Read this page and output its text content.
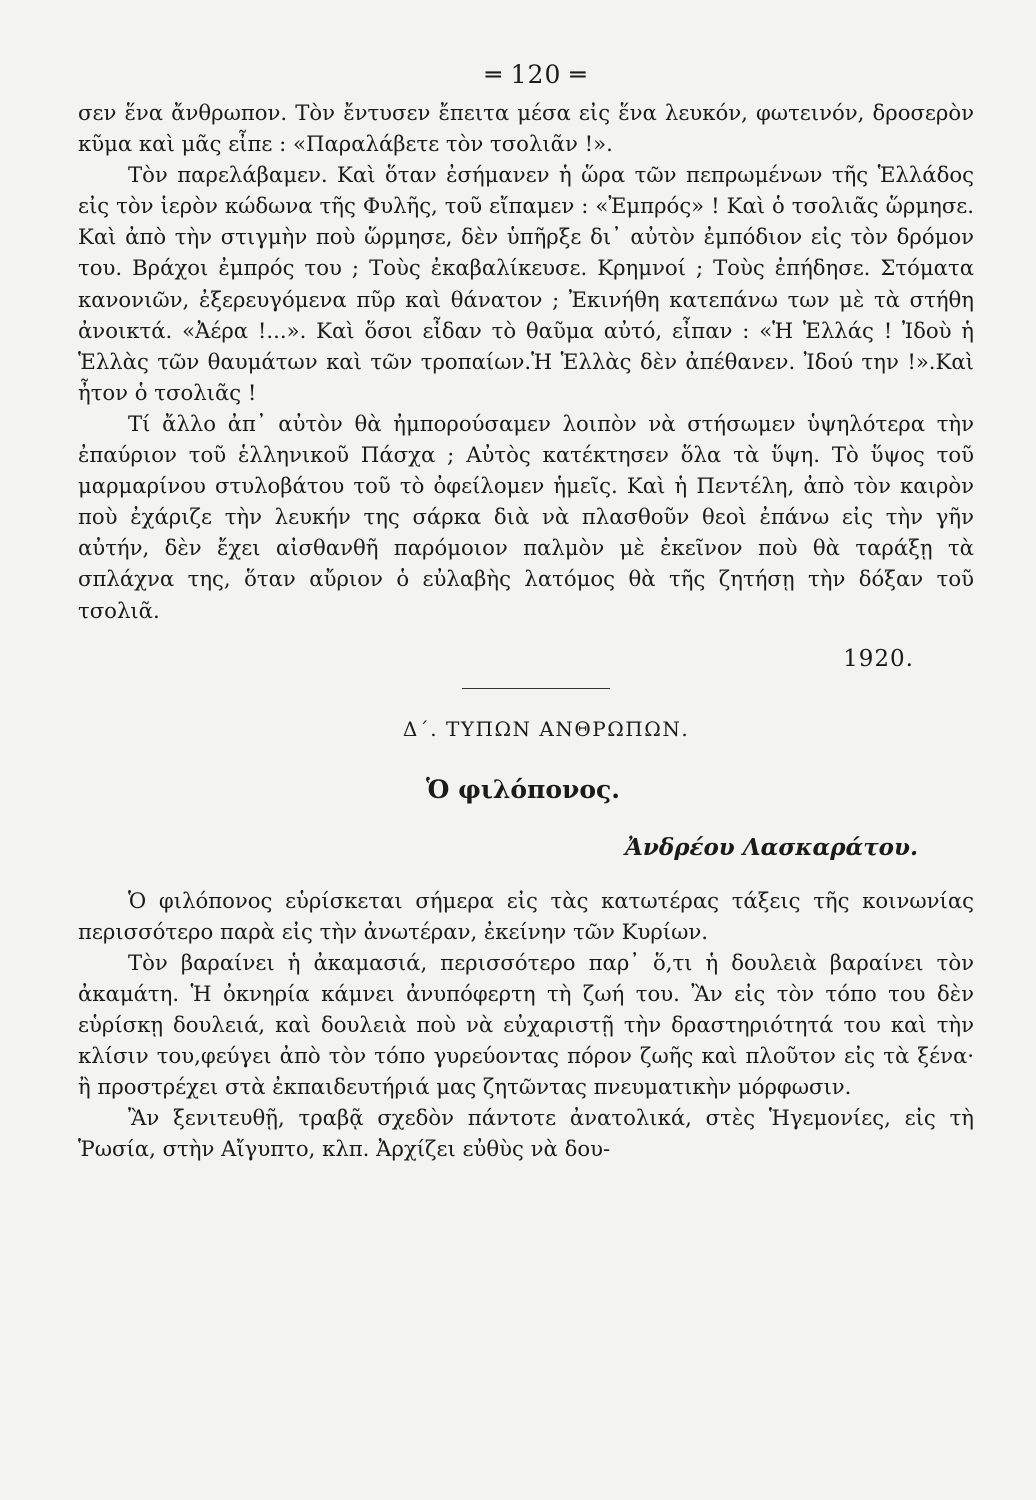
═ 120 ═

σεν ἕνα ἄνθρωπον. Τὸν ἔντυσεν ἔπειτα μέσα εἰς ἕνα λευκόν, φωτεινόν, δροσερὸν κῦμα καὶ μᾶς εἶπε : «Παραλάβετε τὸν τσολιᾶν !».

Τὸν παρελάβαμεν. Καὶ ὅταν ἐσήμανεν ἡ ὥρα τῶν πεπρωμένων τῆς Ἑλλάδος εἰς τὸν ἱερὸν κώδωνα τῆς Φυλῆς, τοῦ εἴπαμεν : «Ἐμπρός» ! Καὶ ὁ τσολιᾶς ὥρμησε. Καὶ ἀπὸ τὴν στιγμὴν ποὺ ὥρμησε, δὲν ὑπῆρξε δι᾽ αὐτὸν ἐμπόδιον εἰς τὸν δρόμον του. Βράχοι ἐμπρός του ; Τοὺς ἐκαβαλίκευσε. Κρημνοί ; Τοὺς ἐπήδησε. Στόματα κανονιῶν, ἐξερευγόμενα πῦρ καὶ θάνατον ; Ἐκινήθη κατεπάνω των μὲ τὰ στήθη ἀνοικτά. «Ἀέρα !...». Καὶ ὅσοι εἶδαν τὸ θαῦμα αὐτό, εἶπαν : «Ἡ Ἑλλάς ! Ἰδοὺ ἡ Ἑλλὰς τῶν θαυμάτων καὶ τῶν τροπαίων.Ἡ Ἑλλὰς δὲν ἀπέθανεν. Ἰδού την !».Καὶ ἦτον ὁ τσολιᾶς !

Τί ἄλλο ἀπ᾽ αὐτὸν θὰ ἠμπορούσαμεν λοιπὸν νὰ στήσωμεν ὑψηλότερα τὴν ἐπαύριον τοῦ ἑλληνικοῦ Πάσχα ; Αὐτὸς κατέκτησεν ὅλα τὰ ὕψη. Τὸ ὕψος τοῦ μαρμαρίνου στυλοβάτου τοῦ τὸ ὀφείλομεν ἡμεῖς. Καὶ ἡ Πεντέλη, ἀπὸ τὸν καιρὸν ποὺ ἐχάριζε τὴν λευκήν της σάρκα διὰ νὰ πλασθοῦν θεοὶ ἐπάνω εἰς τὴν γῆν αὐτήν, δὲν ἔχει αἰσθανθῆ παρόμοιον παλμὸν μὲ ἐκεῖνον ποὺ θὰ ταράξῃ τὰ σπλάχνα της, ὅταν αὔριον ὁ εὐλαβὴς λατόμος θὰ τῆς ζητήσῃ τὴν δόξαν τοῦ τσολιᾶ.

1920.
Δ΄. ΤΥΠΩΝ ΑΝΘΡΩΠΩΝ.
Ὁ φιλόπονος.
Ἀνδρέου Λασκαράτου.

Ὁ φιλόπονος εὑρίσκεται σήμερα εἰς τὰς κατωτέρας τάξεις τῆς κοινωνίας περισσότερο παρὰ εἰς τὴν ἀνωτέραν, ἐκείνην τῶν Κυρίων.

Τὸν βαραίνει ἡ ἀκαμασιά, περισσότερο παρ᾽ ὅ,τι ἡ δουλειὰ βαραίνει τὸν ἀκαμάτη. Ἡ ὀκνηρία κάμνει ἀνυπόφερτη τὴ ζωή του. Ἂν εἰς τὸν τόπο του δὲν εὑρίσκῃ δουλειά, καὶ δουλειὰ ποὺ νὰ εὐχαριστῇ τὴν δραστηριότητά του καὶ τὴν κλίσιν του,φεύγει ἀπὸ τὸν τόπο γυρεύοντας πόρον ζωῆς καὶ πλοῦτον εἰς τὰ ξένα· ἢ προστρέχει στὰ ἐκπαιδευτήριά μας ζητῶντας πνευματικὴν μόρφωσιν.

Ἂν ξενιτευθῇ, τραβᾷ σχεδὸν πάντοτε ἀνατολικά, στὲς Ἡγεμονίες, εἰς τὴ Ῥωσία, στὴν Αἴγυπτο, κλπ. Ἀρχίζει εὐθὺς νὰ δου-
